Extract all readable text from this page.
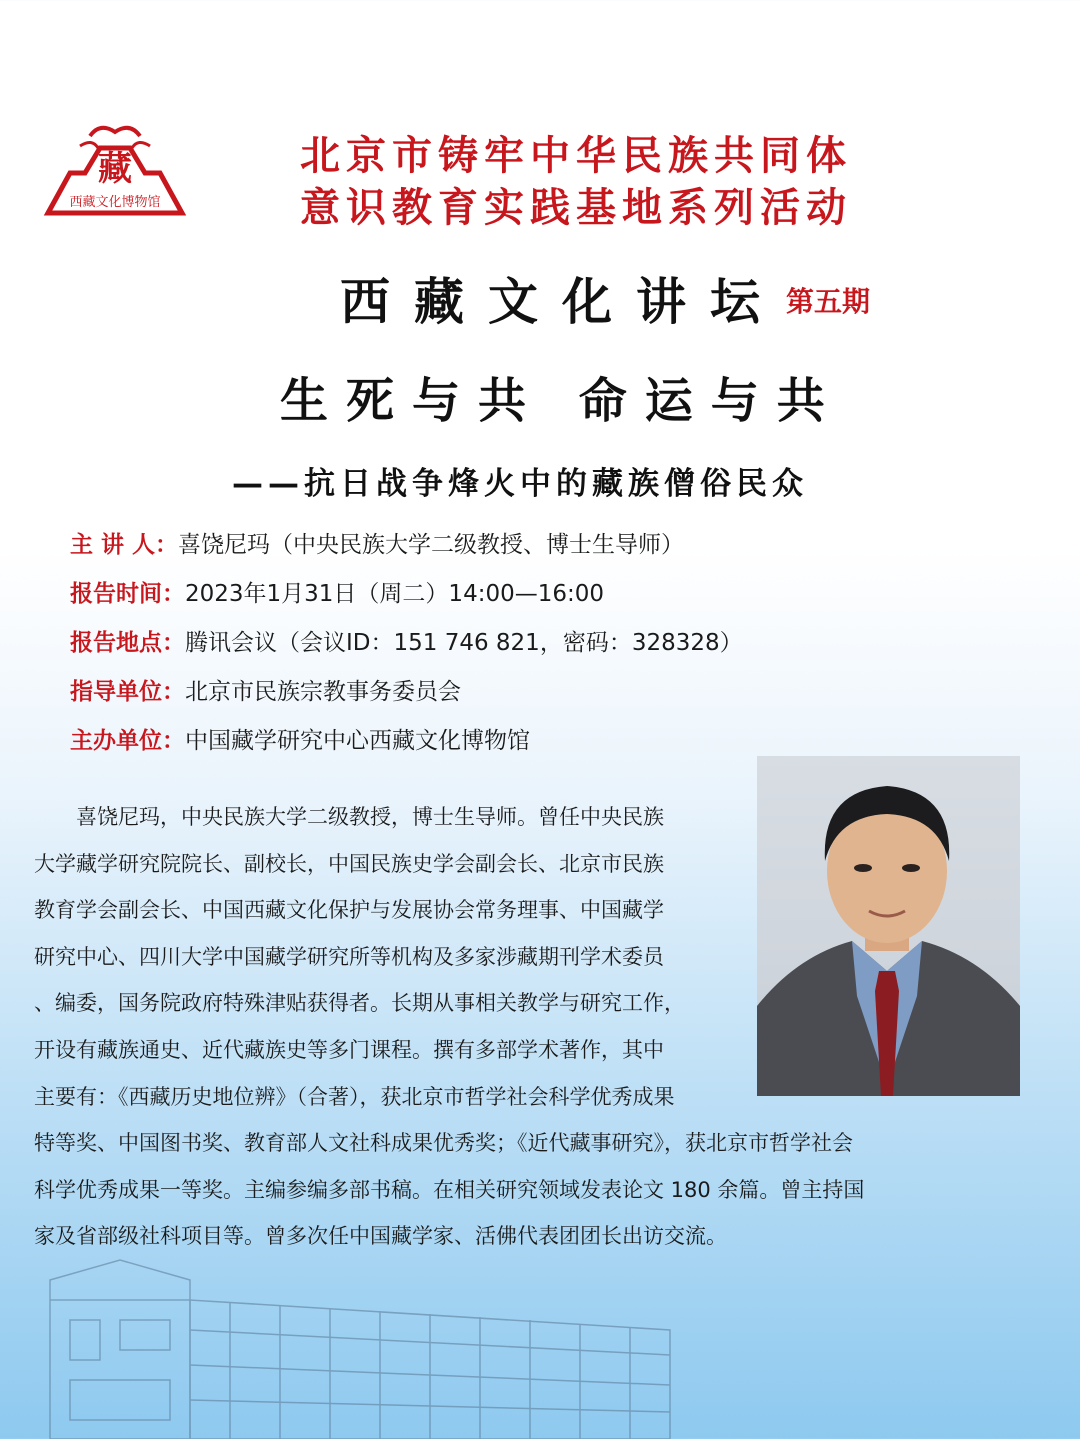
藏
西藏文化博物馆
北京市铸牢中华民族共同体
意识教育实践基地系列活动
西藏文化讲坛 第五期
生死与共 命运与共
——抗日战争烽火中的藏族僧俗民众
主 讲 人： 喜饶尼玛（中央民族大学二级教授、博士生导师）
报告时间： 2023年1月31日（周二）14:00—16:00
报告地点： 腾讯会议（会议ID：151 746 821，密码：328328）
指导单位： 北京市民族宗教事务委员会
主办单位： 中国藏学研究中心西藏文化博物馆
　　喜饶尼玛，中央民族大学二级教授，博士生导师。曾任中央民族
大学藏学研究院院长、副校长，中国民族史学会副会长、北京市民族
教育学会副会长、中国西藏文化保护与发展协会常务理事、中国藏学
研究中心、四川大学中国藏学研究所等机构及多家涉藏期刊学术委员
、编委，国务院政府特殊津贴获得者。长期从事相关教学与研究工作，
开设有藏族通史、近代藏族史等多门课程。撰有多部学术著作，其中
主要有：《西藏历史地位辨》（合著），获北京市哲学社会科学优秀成果
特等奖、中国图书奖、教育部人文社科成果优秀奖；《近代藏事研究》，获北京市哲学社会
科学优秀成果一等奖。主编参编多部书稿。在相关研究领域发表论文 180 余篇。曾主持国
家及省部级社科项目等。曾多次任中国藏学家、活佛代表团团长出访交流。
